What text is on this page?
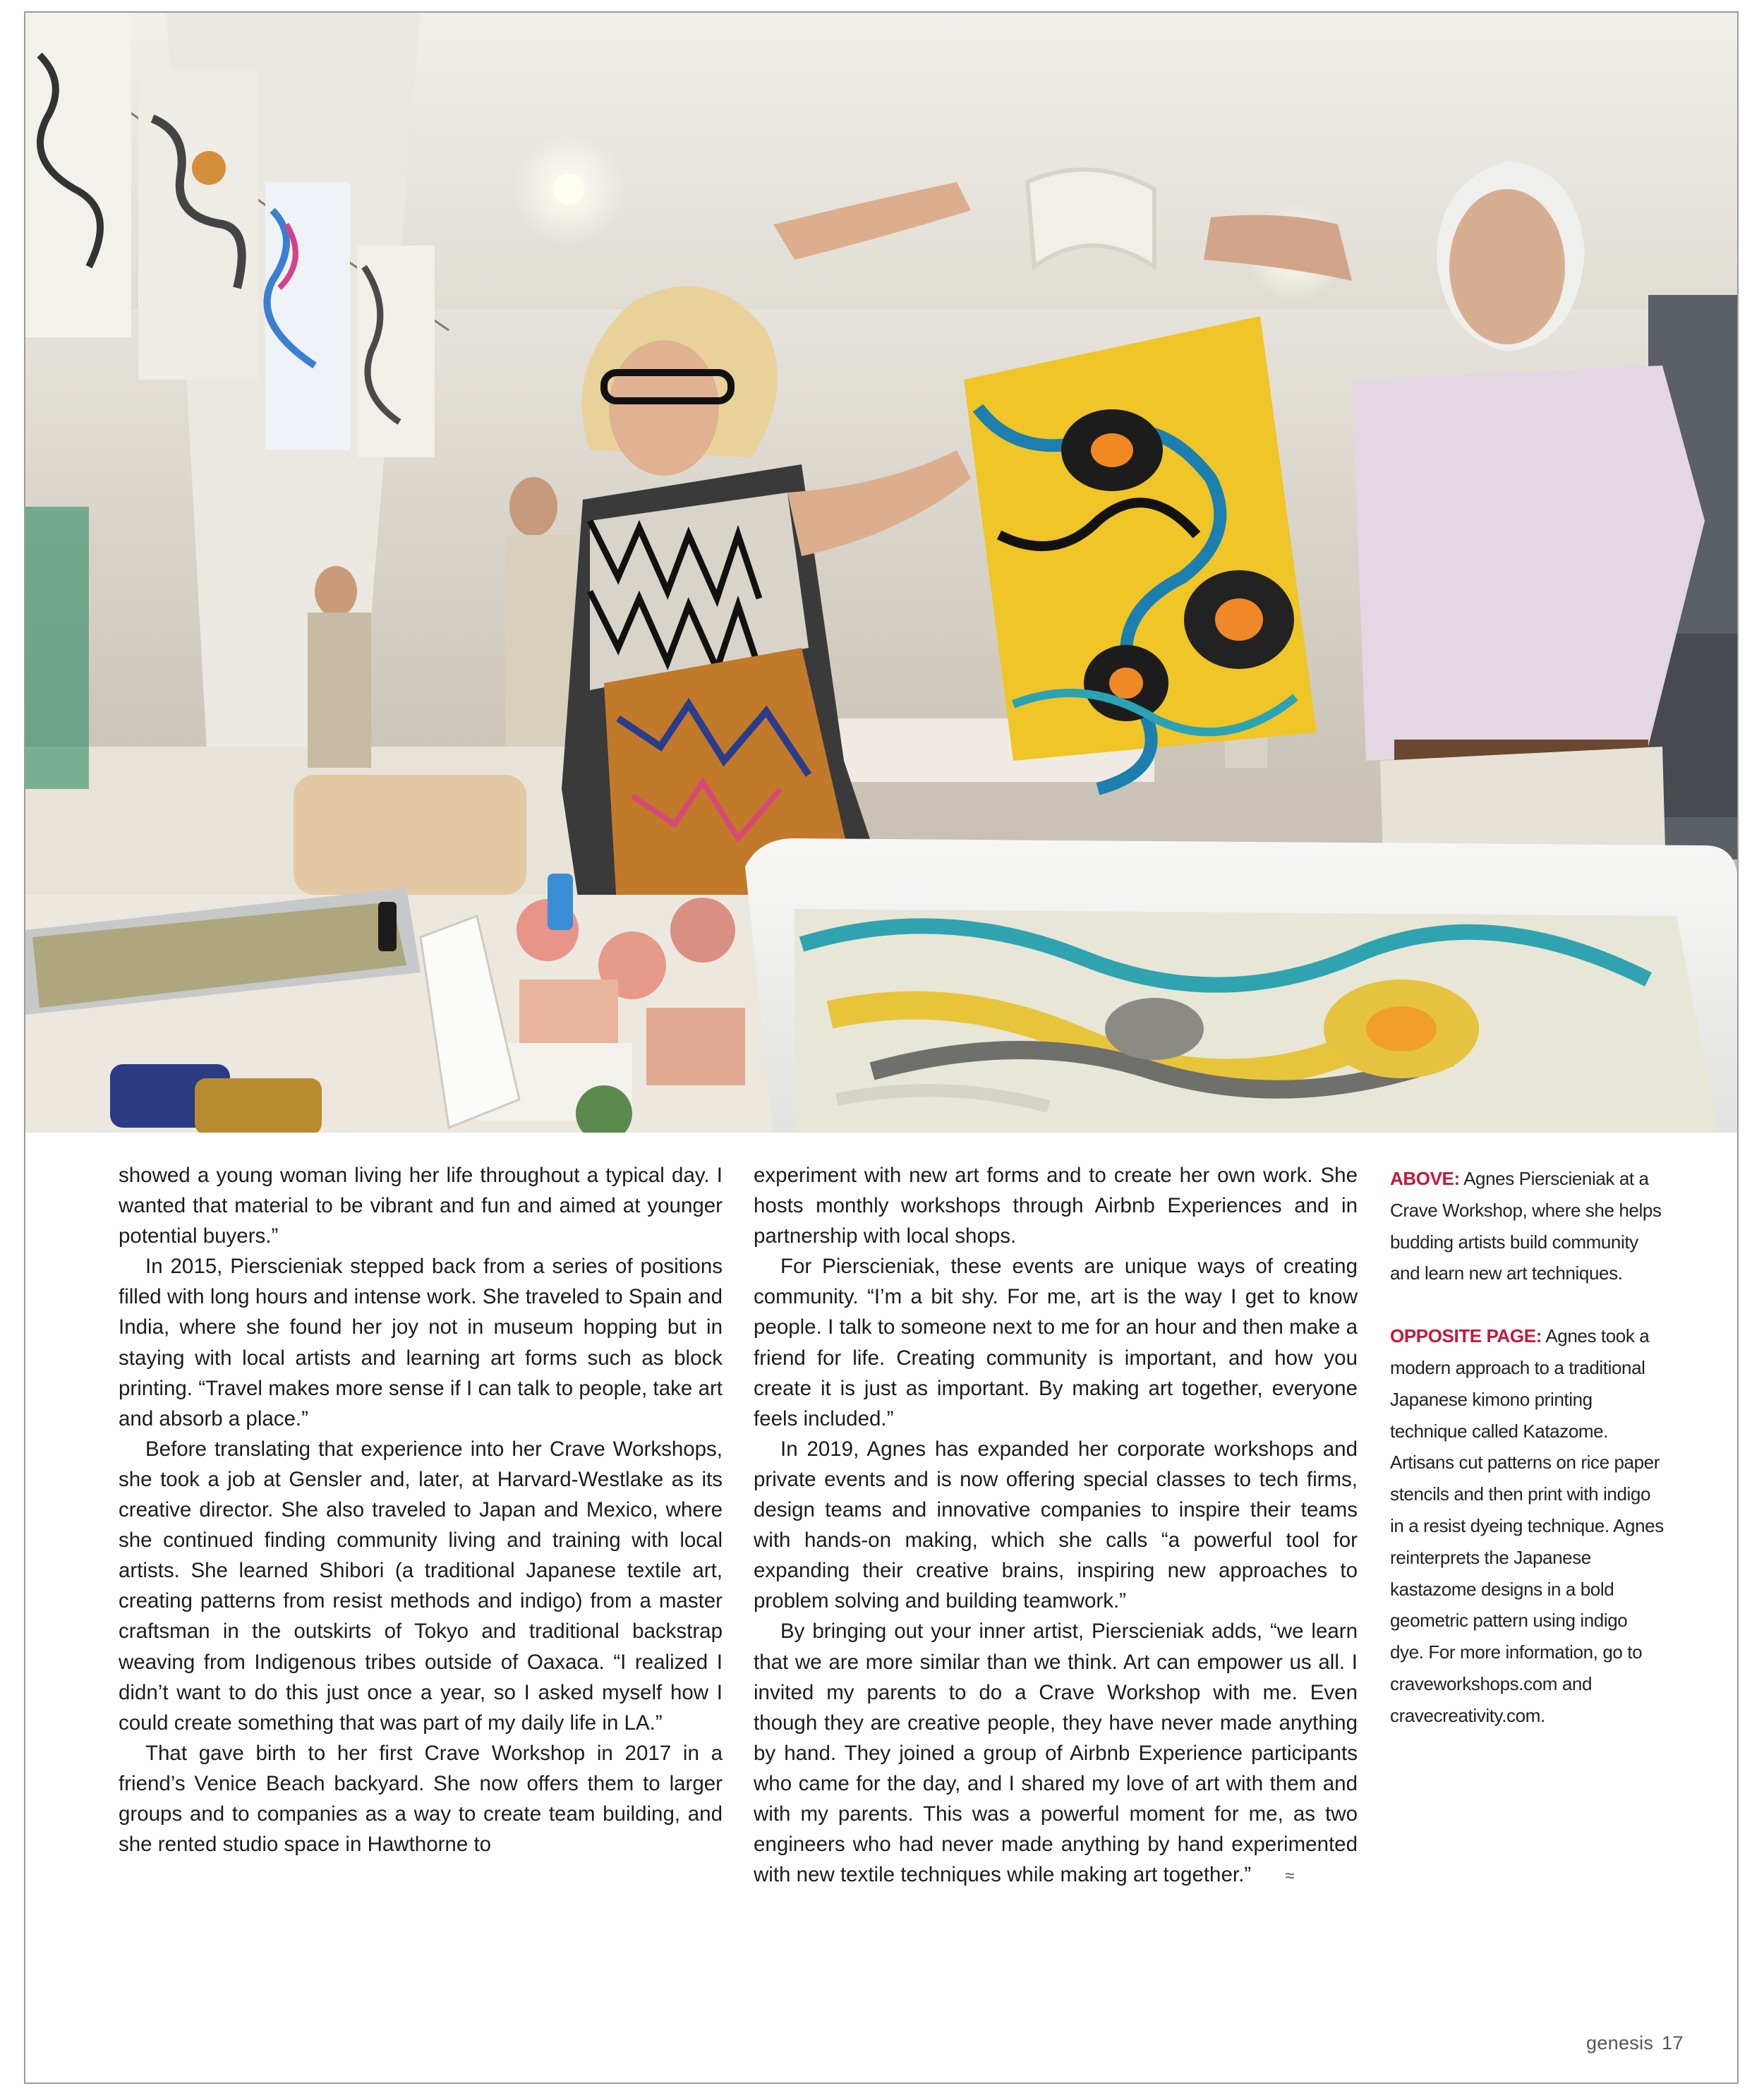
showed a young woman living her life throughout a typical day. I wanted that material to be vibrant and fun and aimed at younger potential buyers.”

In 2015, Pierscieniak stepped back from a series of positions filled with long hours and intense work. She traveled to Spain and India, where she found her joy not in museum hopping but in staying with local artists and learning art forms such as block printing. “Travel makes more sense if I can talk to people, take art and absorb a place.”

Before translating that experience into her Crave Workshops, she took a job at Gensler and, later, at Harvard-Westlake as its creative director. She also traveled to Japan and Mexico, where she continued finding community living and training with local artists. She learned Shibori (a traditional Japanese textile art, creating patterns from resist methods and indigo) from a master craftsman in the outskirts of Tokyo and traditional backstrap weaving from Indigenous tribes outside of Oaxaca. “I realized I didn’t want to do this just once a year, so I asked myself how I could create something that was part of my daily life in LA.”

That gave birth to her first Crave Workshop in 2017 in a friend’s Venice Beach backyard. She now offers them to larger groups and to companies as a way to create team building, and she rented studio space in Hawthorne to

experiment with new art forms and to create her own work. She hosts monthly workshops through Airbnb Experiences and in partnership with local shops.

For Pierscieniak, these events are unique ways of creating community. “I’m a bit shy. For me, art is the way I get to know people. I talk to someone next to me for an hour and then make a friend for life. Creating community is important, and how you create it is just as important. By making art together, everyone feels included.”

In 2019, Agnes has expanded her corporate workshops and private events and is now offering special classes to tech firms, design teams and innovative companies to inspire their teams with hands-on making, which she calls “a powerful tool for expanding their creative brains, inspiring new approaches to problem solving and building teamwork.”

By bringing out your inner artist, Pierscieniak adds, “we learn that we are more similar than we think. Art can empower us all. I invited my parents to do a Crave Workshop with me. Even though they are creative people, they have never made anything by hand. They joined a group of Airbnb Experience participants who came for the day, and I shared my love of art with them and with my parents. This was a powerful moment for me, as two engineers who had never made anything by hand experimented with new textile techniques while making art together.” ≈

ABOVE: Agnes Pierscieniak at a Crave Workshop, where she helps budding artists build community and learn new art techniques.

OPPOSITE PAGE: Agnes took a modern approach to a traditional Japanese kimono printing technique called Katazome. Artisans cut patterns on rice paper stencils and then print with indigo in a resist dyeing technique. Agnes reinterprets the Japanese kastazome designs in a bold geometric pattern using indigo dye. For more information, go to craveworkshops.com and cravecreativity.com.

genesis 17
